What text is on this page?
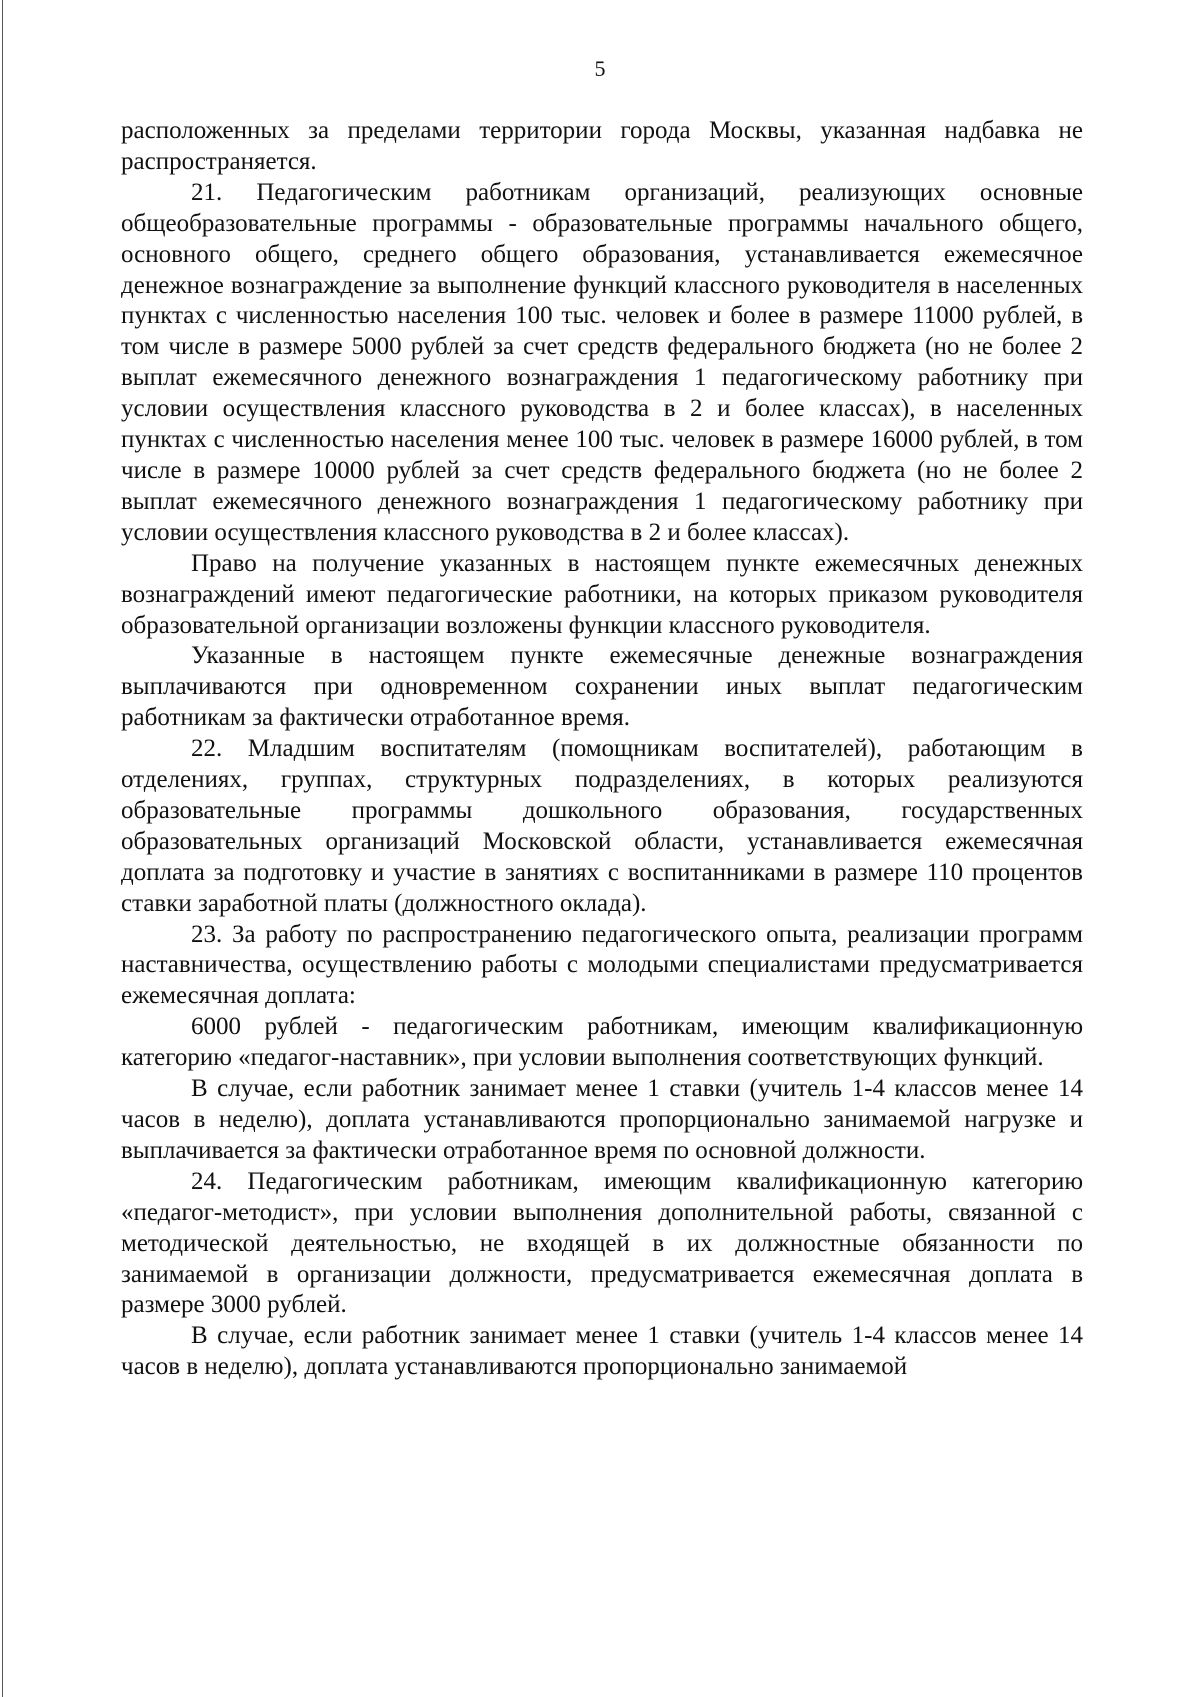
5

расположенных за пределами территории города Москвы, указанная надбавка не распространяется.

21. Педагогическим работникам организаций, реализующих основные общеобразовательные программы - образовательные программы начального общего, основного общего, среднего общего образования, устанавливается ежемесячное денежное вознаграждение за выполнение функций классного руководителя в населенных пунктах с численностью населения 100 тыс. человек и более в размере 11000 рублей, в том числе в размере 5000 рублей за счет средств федерального бюджета (но не более 2 выплат ежемесячного денежного вознаграждения 1 педагогическому работнику при условии осуществления классного руководства в 2 и более классах), в населенных пунктах с численностью населения менее 100 тыс. человек в размере 16000 рублей, в том числе в размере 10000 рублей за счет средств федерального бюджета (но не более 2 выплат ежемесячного денежного вознаграждения 1 педагогическому работнику при условии осуществления классного руководства в 2 и более классах).

Право на получение указанных в настоящем пункте ежемесячных денежных вознаграждений имеют педагогические работники, на которых приказом руководителя образовательной организации возложены функции классного руководителя.

Указанные в настоящем пункте ежемесячные денежные вознаграждения выплачиваются при одновременном сохранении иных выплат педагогическим работникам за фактически отработанное время.

22. Младшим воспитателям (помощникам воспитателей), работающим в отделениях, группах, структурных подразделениях, в которых реализуются образовательные программы дошкольного образования, государственных образовательных организаций Московской области, устанавливается ежемесячная доплата за подготовку и участие в занятиях с воспитанниками в размере 110 процентов ставки заработной платы (должностного оклада).

23. За работу по распространению педагогического опыта, реализации программ наставничества, осуществлению работы с молодыми специалистами предусматривается ежемесячная доплата:

6000 рублей - педагогическим работникам, имеющим квалификационную категорию «педагог-наставник», при условии выполнения соответствующих функций.

В случае, если работник занимает менее 1 ставки (учитель 1-4 классов менее 14 часов в неделю), доплата устанавливаются пропорционально занимаемой нагрузке и выплачивается за фактически отработанное время по основной должности.

24. Педагогическим работникам, имеющим квалификационную категорию «педагог-методист», при условии выполнения дополнительной работы, связанной с методической деятельностью, не входящей в их должностные обязанности по занимаемой в организации должности, предусматривается ежемесячная доплата в размере 3000 рублей.

В случае, если работник занимает менее 1 ставки (учитель 1-4 классов менее 14 часов в неделю), доплата устанавливаются пропорционально занимаемой
